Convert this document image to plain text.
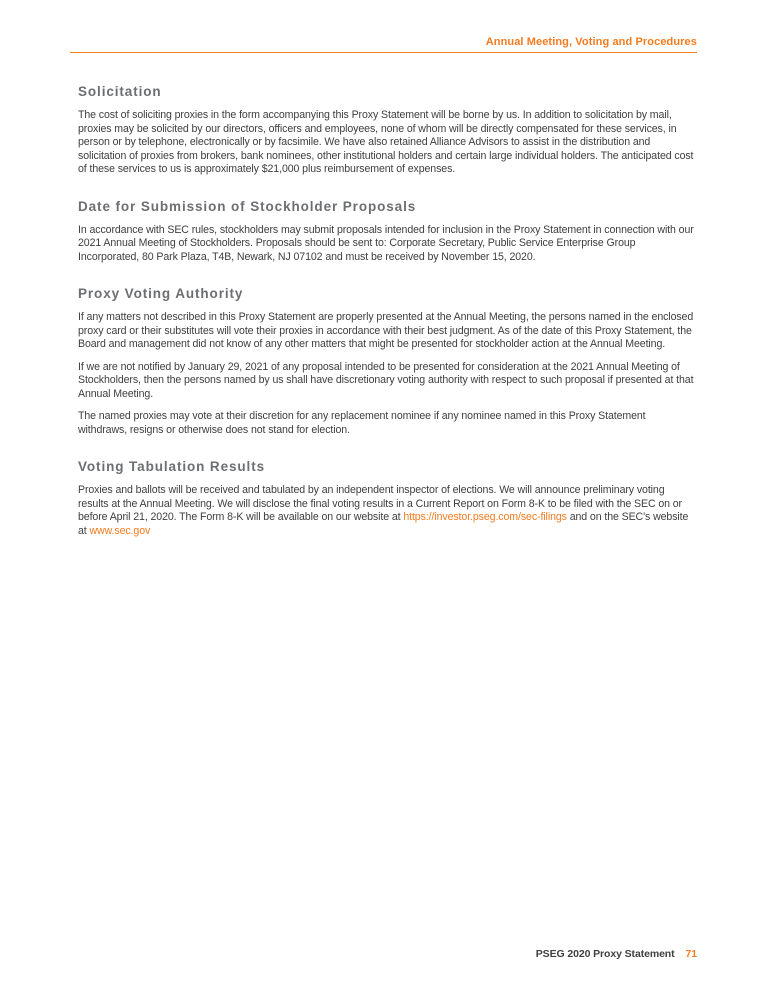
Annual Meeting, Voting and Procedures
Solicitation

The cost of soliciting proxies in the form accompanying this Proxy Statement will be borne by us. In addition to solicitation by mail, proxies may be solicited by our directors, officers and employees, none of whom will be directly compensated for these services, in person or by telephone, electronically or by facsimile. We have also retained Alliance Advisors to assist in the distribution and solicitation of proxies from brokers, bank nominees, other institutional holders and certain large individual holders. The anticipated cost of these services to us is approximately $21,000 plus reimbursement of expenses.

Date for Submission of Stockholder Proposals

In accordance with SEC rules, stockholders may submit proposals intended for inclusion in the Proxy Statement in connection with our 2021 Annual Meeting of Stockholders. Proposals should be sent to: Corporate Secretary, Public Service Enterprise Group Incorporated, 80 Park Plaza, T4B, Newark, NJ 07102 and must be received by November 15, 2020.

Proxy Voting Authority

If any matters not described in this Proxy Statement are properly presented at the Annual Meeting, the persons named in the enclosed proxy card or their substitutes will vote their proxies in accordance with their best judgment. As of the date of this Proxy Statement, the Board and management did not know of any other matters that might be presented for stockholder action at the Annual Meeting.

If we are not notified by January 29, 2021 of any proposal intended to be presented for consideration at the 2021 Annual Meeting of Stockholders, then the persons named by us shall have discretionary voting authority with respect to such proposal if presented at that Annual Meeting.

The named proxies may vote at their discretion for any replacement nominee if any nominee named in this Proxy Statement withdraws, resigns or otherwise does not stand for election.

Voting Tabulation Results

Proxies and ballots will be received and tabulated by an independent inspector of elections. We will announce preliminary voting results at the Annual Meeting. We will disclose the final voting results in a Current Report on Form 8-K to be filed with the SEC on or before April 21, 2020. The Form 8-K will be available on our website at https://investor.pseg.com/sec-filings and on the SEC's website at www.sec.gov

PSEG 2020 Proxy Statement 71
